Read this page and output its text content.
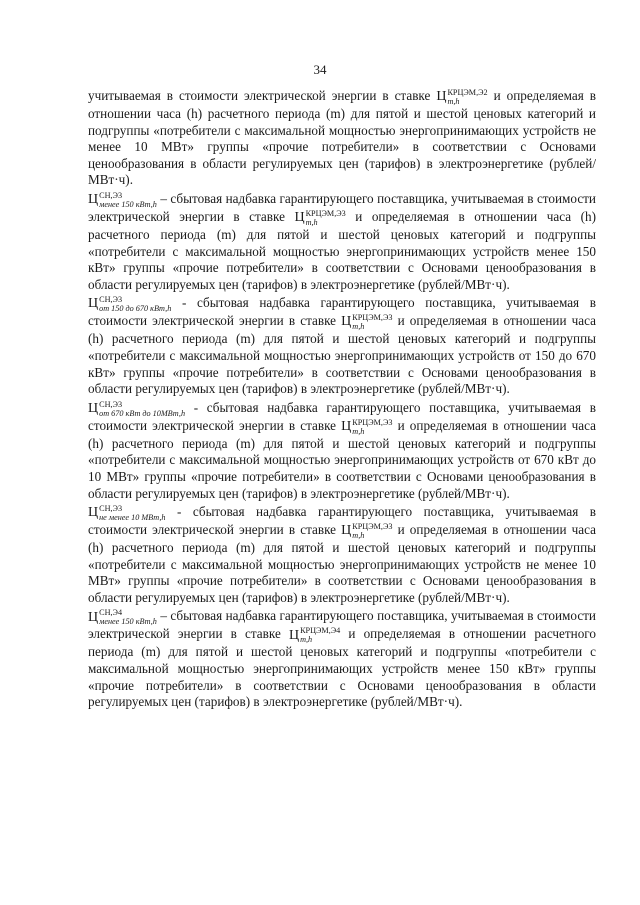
34

учитываемая в стоимости электрической энергии в ставке Ц КРЦЭМ,Э2
m,h	и определяемая в отношении часа (h) расчетного периода (m) для пятой и шестой ценовых категорий и подгруппы «потребители с максимальной мощностью энергопринимающих устройств не менее 10 МВт» группы «прочие потребители» в соответствии с Основами ценообразования в области регулируемых цен (тарифов) в электроэнергетике (рублей/МВт·ч).

Ц СН,Э3
менее 150 кВт,h – сбытовая надбавка гарантирующего поставщика, учитываемая в стоимости электрической энергии в ставке Ц КРЦЭМ,Э3
m,h	и определяемая в отношении часа (h) расчетного периода (m) для пятой и шестой ценовых категорий и подгруппы «потребители с максимальной мощностью энергопринимающих устройств менее 150 кВт» группы «прочие потребители» в соответствии с Основами ценообразования в области регулируемых цен (тарифов) в электроэнергетике (рублей/МВт·ч).

Ц СН,Э3
от 150 до 670 кВт,h - сбытовая надбавка гарантирующего поставщика, учитываемая в стоимости электрической энергии в ставке Ц КРЦЭМ,Э3
m,h	и определяемая в отношении часа (h) расчетного периода (m) для пятой и шестой ценовых категорий и подгруппы «потребители с максимальной мощностью энергопринимающих устройств от 150 до 670 кВт» группы «прочие потребители» в соответствии с Основами ценообразования в области регулируемых цен (тарифов) в электроэнергетике (рублей/МВт·ч).

Ц СН,Э3
от 670 кВт до 10МВт,h - сбытовая надбавка гарантирующего поставщика, учитываемая в стоимости электрической энергии в ставке Ц КРЦЭМ,Э3
m,h	и определяемая в отношении часа (h) расчетного периода (m) для пятой и шестой ценовых категорий и подгруппы «потребители с максимальной мощностью энергопринимающих устройств от 670 кВт до 10 МВт» группы «прочие потребители» в соответствии с Основами ценообразования в области регулируемых цен (тарифов) в электроэнергетике (рублей/МВт·ч).

Ц СН,Э3
не менее 10 МВт,h - сбытовая надбавка гарантирующего поставщика, учитываемая в стоимости электрической энергии в ставке Ц КРЦЭМ,Э3
m,h	и определяемая в отношении часа (h) расчетного периода (m) для пятой и шестой ценовых категорий и подгруппы «потребители с максимальной мощностью энергопринимающих устройств не менее 10 МВт» группы «прочие потребители» в соответствии с Основами ценообразования в области регулируемых цен (тарифов) в электроэнергетике (рублей/МВт·ч).

Ц СН,Э4
менее 150 кВт,h – сбытовая надбавка гарантирующего поставщика, учитываемая в стоимости электрической энергии в ставке Ц КРЦЭМ,Э4
m,h	и определяемая в отношении расчетного периода (m) для пятой и шестой ценовых категорий и подгруппы «потребители с максимальной мощностью энергопринимающих устройств менее 150 кВт» группы «прочие потребители» в соответствии с Основами ценообразования в области регулируемых цен (тарифов) в электроэнергетике (рублей/МВт·ч).
